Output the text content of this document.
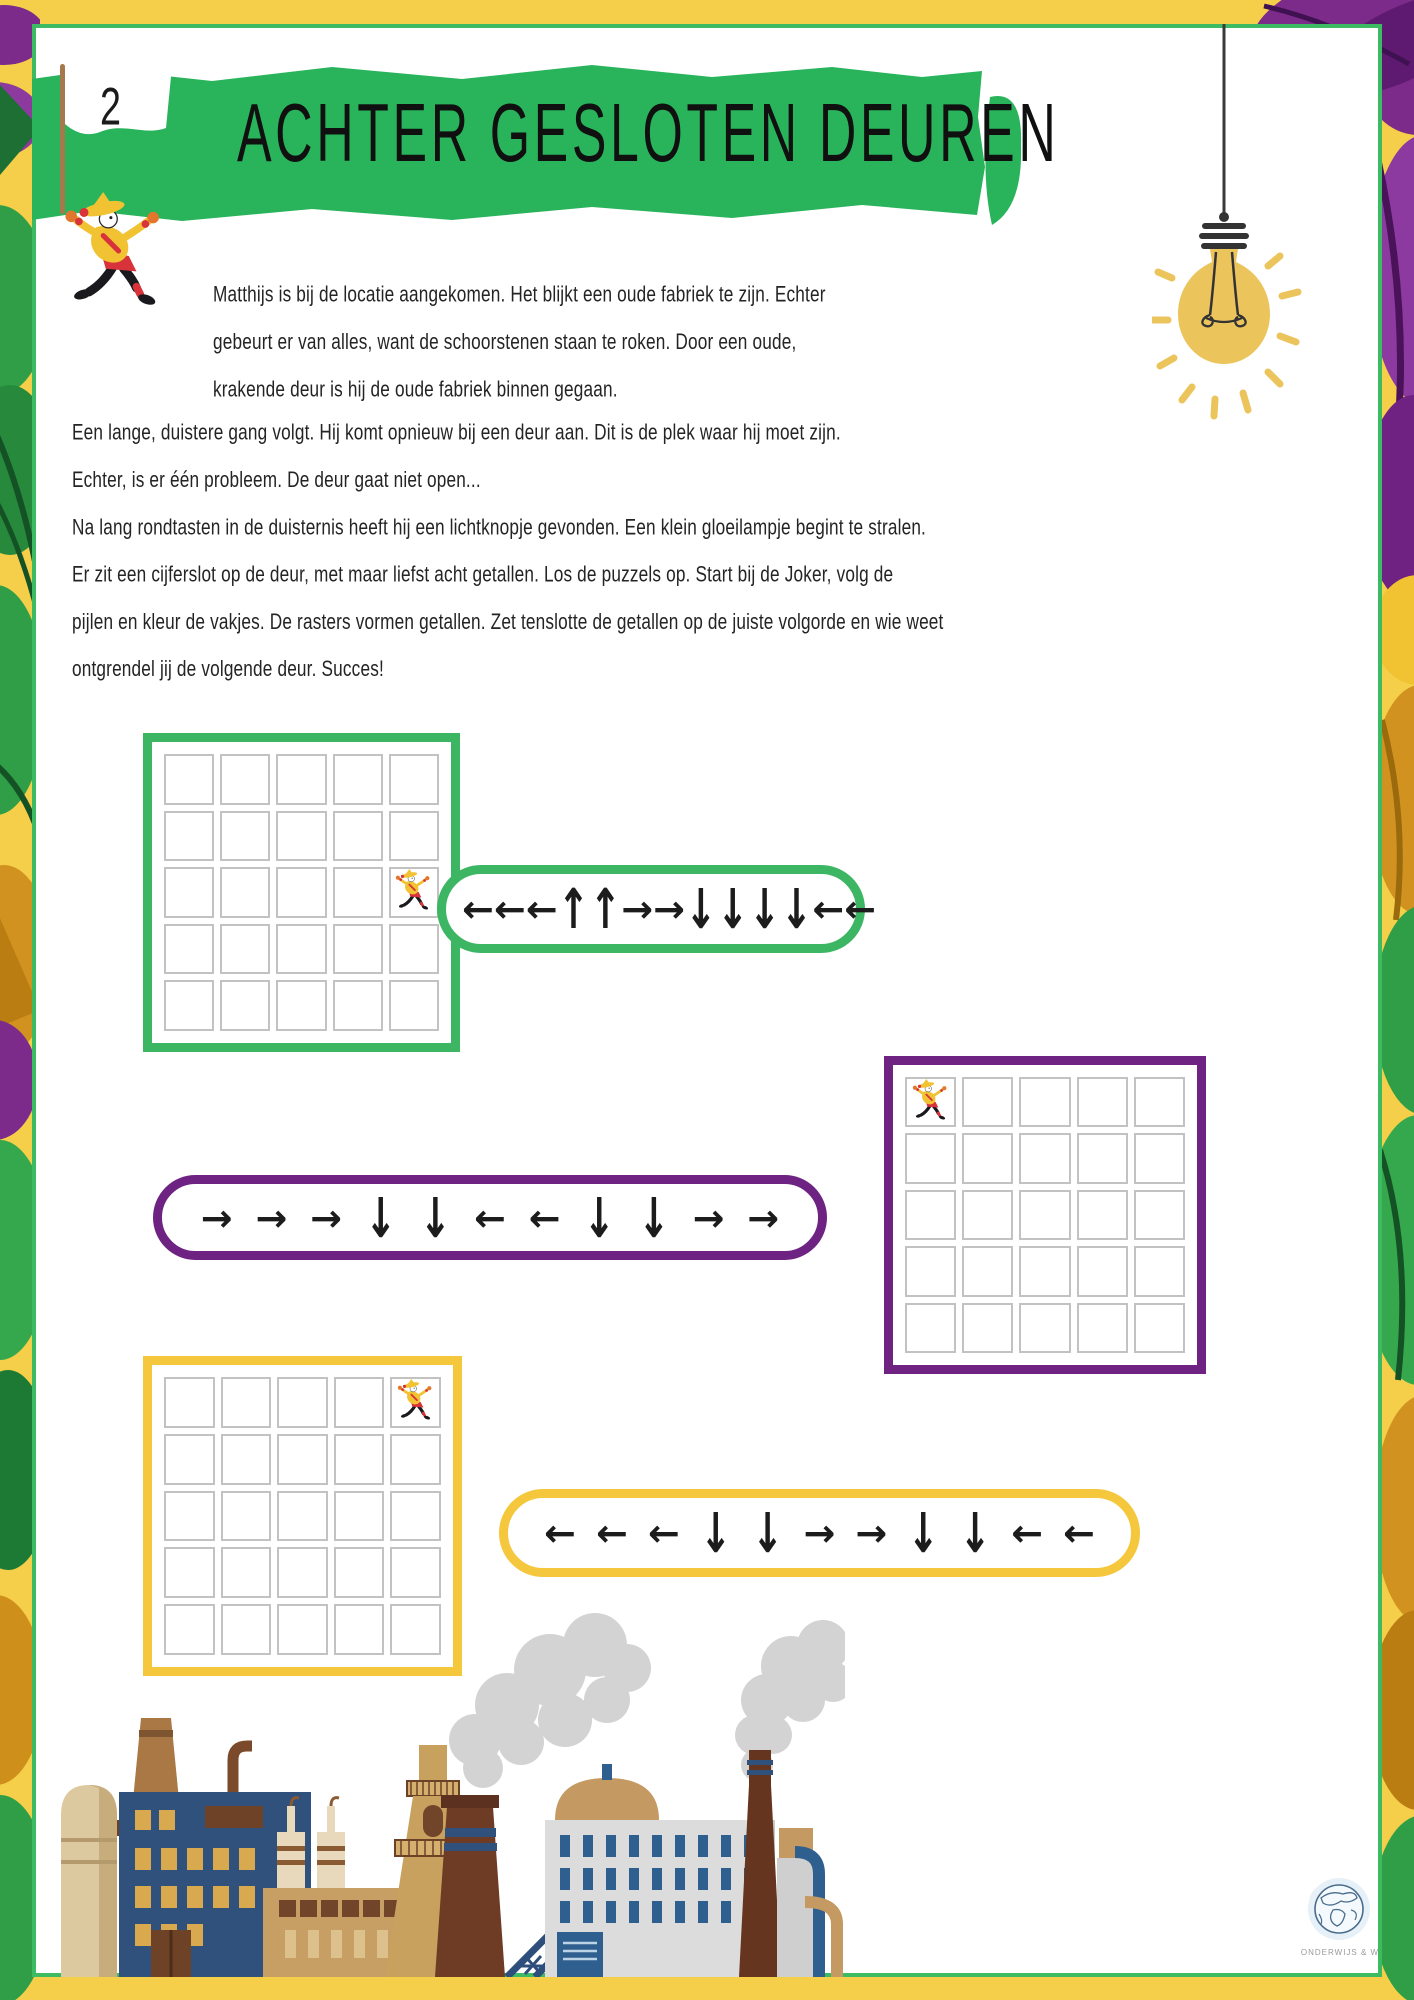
2 ACHTER GESLOTEN DEUREN
Matthijs is bij de locatie aangekomen. Het blijkt een oude fabriek te zijn. Echter
gebeurt er van alles, want de schoorstenen staan te roken. Door een oude,
krakende deur is hij de oude fabriek binnen gegaan.
Een lange, duistere gang volgt. Hij komt opnieuw bij een deur aan. Dit is de plek waar hij moet zijn.
Echter, is er één probleem. De deur gaat niet open...
Na lang rondtasten in de duisternis heeft hij een lichtknopje gevonden. Een klein gloeilampje begint te stralen.
Er zit een cijferslot op de deur, met maar liefst acht getallen. Los de puzzels op. Start bij de Joker, volg de
pijlen en kleur de vakjes. De rasters vormen getallen. Zet tenslotte de getallen op de juiste volgorde en wie weet
ontgrendel jij de volgende deur. Succes!
← ← ← ↑ ↑ → → ↓ ↓ ↓ ↓ ← ←
→ → → ↓ ↓ ← ← ↓ ↓ → →
← ← ← ↓ ↓ → → ↓ ↓ ← ←
ONDERWIJS & W
